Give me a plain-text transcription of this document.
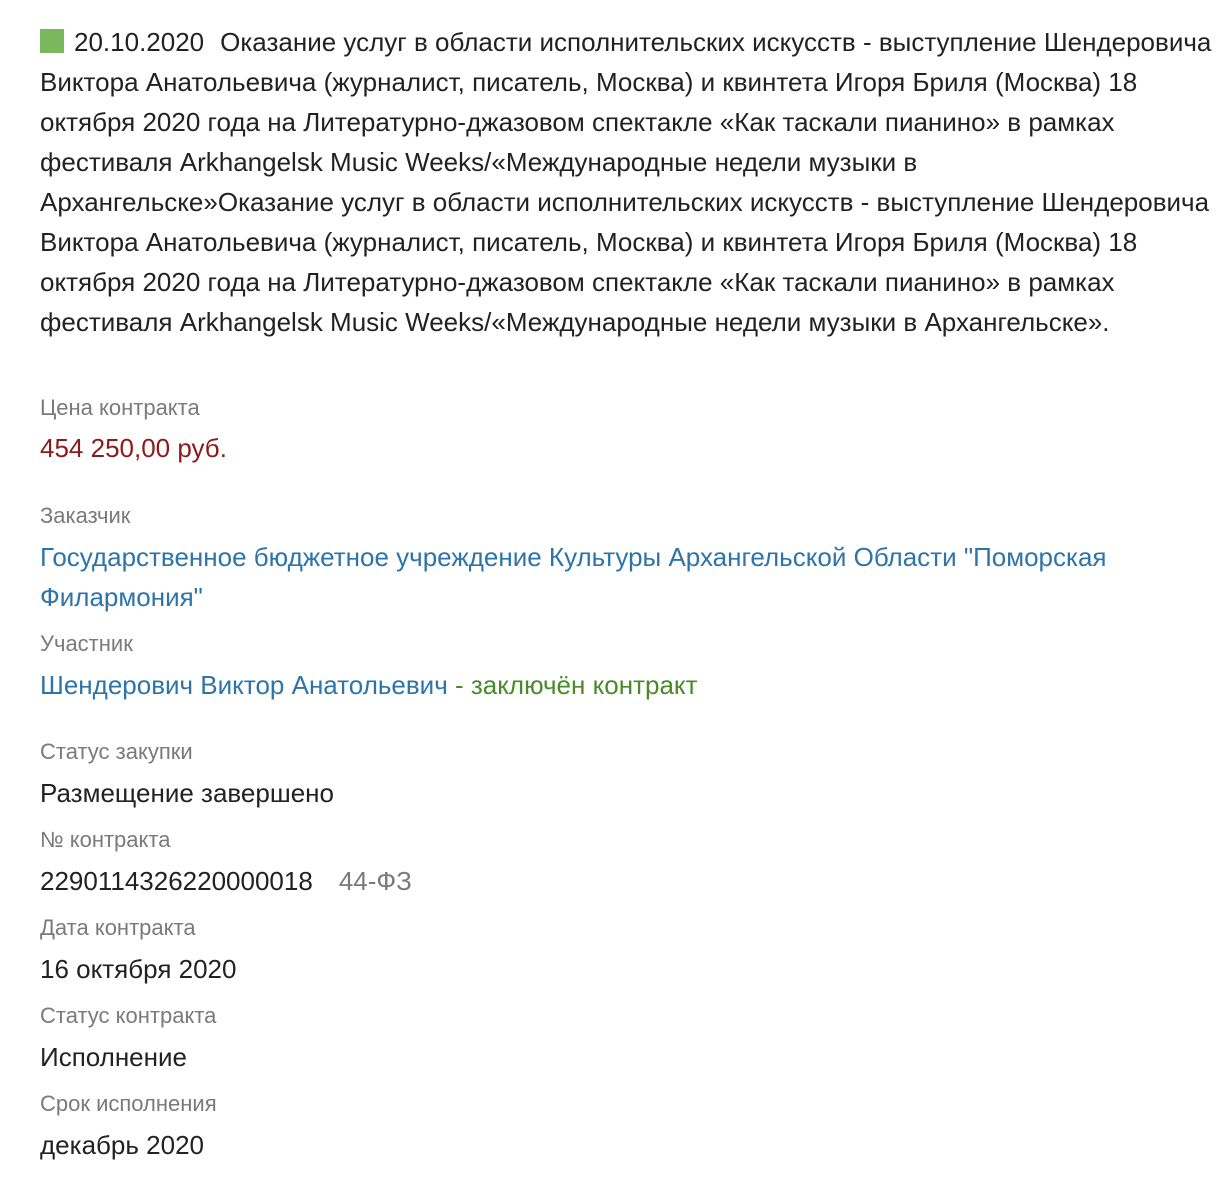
20.10.2020 Оказание услуг в области исполнительских искусств - выступление Шендеровича Виктора Анатольевича (журналист, писатель, Москва) и квинтета Игоря Бриля (Москва) 18 октября 2020 года на Литературно-джазовом спектакле «Как таскали пианино» в рамках фестиваля Arkhangelsk Music Weeks/«Международные недели музыки в Архангельске»Оказание услуг в области исполнительских искусств - выступление Шендеровича Виктора Анатольевича (журналист, писатель, Москва) и квинтета Игоря Бриля (Москва) 18 октября 2020 года на Литературно-джазовом спектакле «Как таскали пианино» в рамках фестиваля Arkhangelsk Music Weeks/«Международные недели музыки в Архангельске».
Цена контракта
454 250,00 руб.
Заказчик
Государственное бюджетное учреждение Культуры Архангельской Области "Поморская Филармония"
Участник
Шендерович Виктор Анатольевич - заключён контракт
Статус закупки
Размещение завершено
№ контракта
2290114326220000018 44-ФЗ
Дата контракта
16 октября 2020
Статус контракта
Исполнение
Срок исполнения
декабрь 2020
